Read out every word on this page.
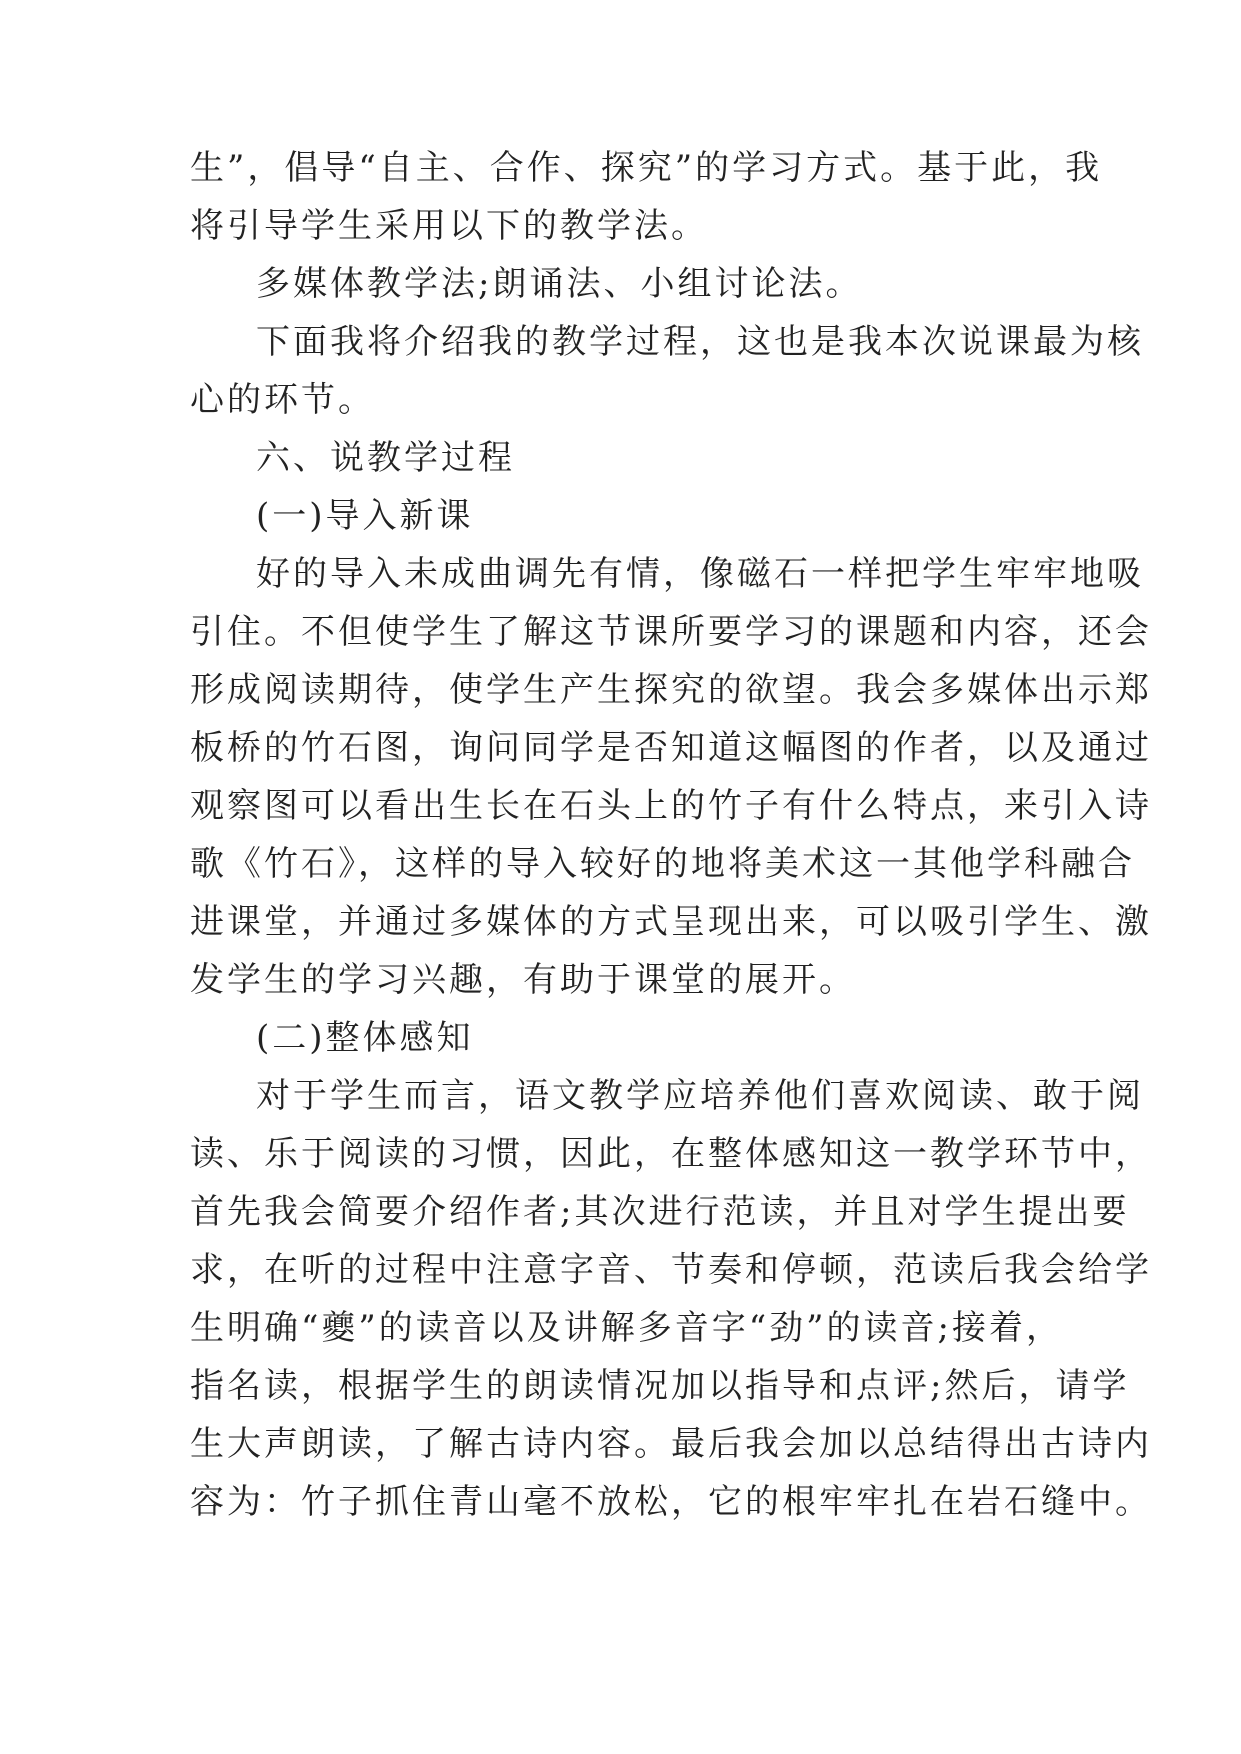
生”，倡导“自主、合作、探究”的学习方式。基于此，我
将引导学生采用以下的教学法。
多媒体教学法;朗诵法、小组讨论法。
下面我将介绍我的教学过程，这也是我本次说课最为核
心的环节。
六、说教学过程
(一)导入新课
好的导入未成曲调先有情，像磁石一样把学生牢牢地吸
引住。不但使学生了解这节课所要学习的课题和内容，还会
形成阅读期待，使学生产生探究的欲望。我会多媒体出示郑
板桥的竹石图，询问同学是否知道这幅图的作者，以及通过
观察图可以看出生长在石头上的竹子有什么特点，来引入诗
歌《竹石》，这样的导入较好的地将美术这一其他学科融合
进课堂，并通过多媒体的方式呈现出来，可以吸引学生、激
发学生的学习兴趣，有助于课堂的展开。
(二)整体感知
对于学生而言，语文教学应培养他们喜欢阅读、敢于阅
读、乐于阅读的习惯，因此，在整体感知这一教学环节中，
首先我会简要介绍作者;其次进行范读，并且对学生提出要
求，在听的过程中注意字音、节奏和停顿，范读后我会给学
生明确“夔”的读音以及讲解多音字“劲”的读音;接着，
指名读，根据学生的朗读情况加以指导和点评;然后，请学
生大声朗读，了解古诗内容。最后我会加以总结得出古诗内
容为：竹子抓住青山毫不放松，它的根牢牢扎在岩石缝中。
